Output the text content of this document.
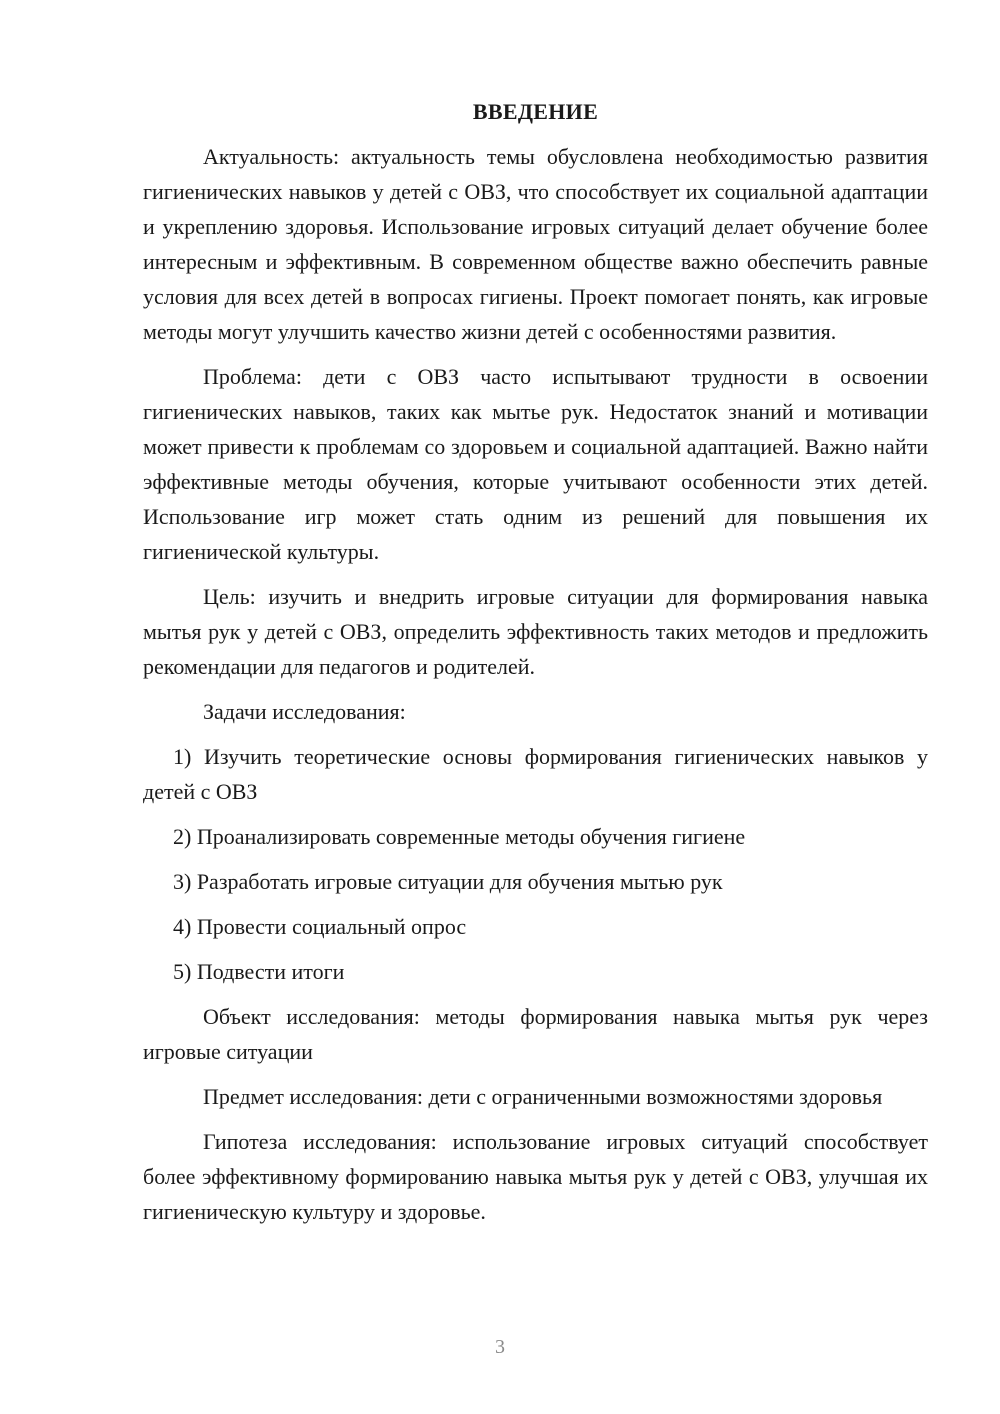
ВВЕДЕНИЕ

Актуальность: актуальность темы обусловлена необходимостью развития гигиенических навыков у детей с ОВЗ, что способствует их социальной адаптации и укреплению здоровья. Использование игровых ситуаций делает обучение более интересным и эффективным. В современном обществе важно обеспечить равные условия для всех детей в вопросах гигиены. Проект помогает понять, как игровые методы могут улучшить качество жизни детей с особенностями развития.

Проблема: дети с ОВЗ часто испытывают трудности в освоении гигиенических навыков, таких как мытье рук. Недостаток знаний и мотивации может привести к проблемам со здоровьем и социальной адаптацией. Важно найти эффективные методы обучения, которые учитывают особенности этих детей. Использование игр может стать одним из решений для повышения их гигиенической культуры.

Цель: изучить и внедрить игровые ситуации для формирования навыка мытья рук у детей с ОВЗ, определить эффективность таких методов и предложить рекомендации для педагогов и родителей.

Задачи исследования:

1) Изучить теоретические основы формирования гигиенических навыков у детей с ОВЗ

2) Проанализировать современные методы обучения гигиене

3) Разработать игровые ситуации для обучения мытью рук

4) Провести социальный опрос

5) Подвести итоги

Объект исследования: методы формирования навыка мытья рук через игровые ситуации

Предмет исследования: дети с ограниченными возможностями здоровья

Гипотеза исследования: использование игровых ситуаций способствует более эффективному формированию навыка мытья рук у детей с ОВЗ, улучшая их гигиеническую культуру и здоровье.

3
